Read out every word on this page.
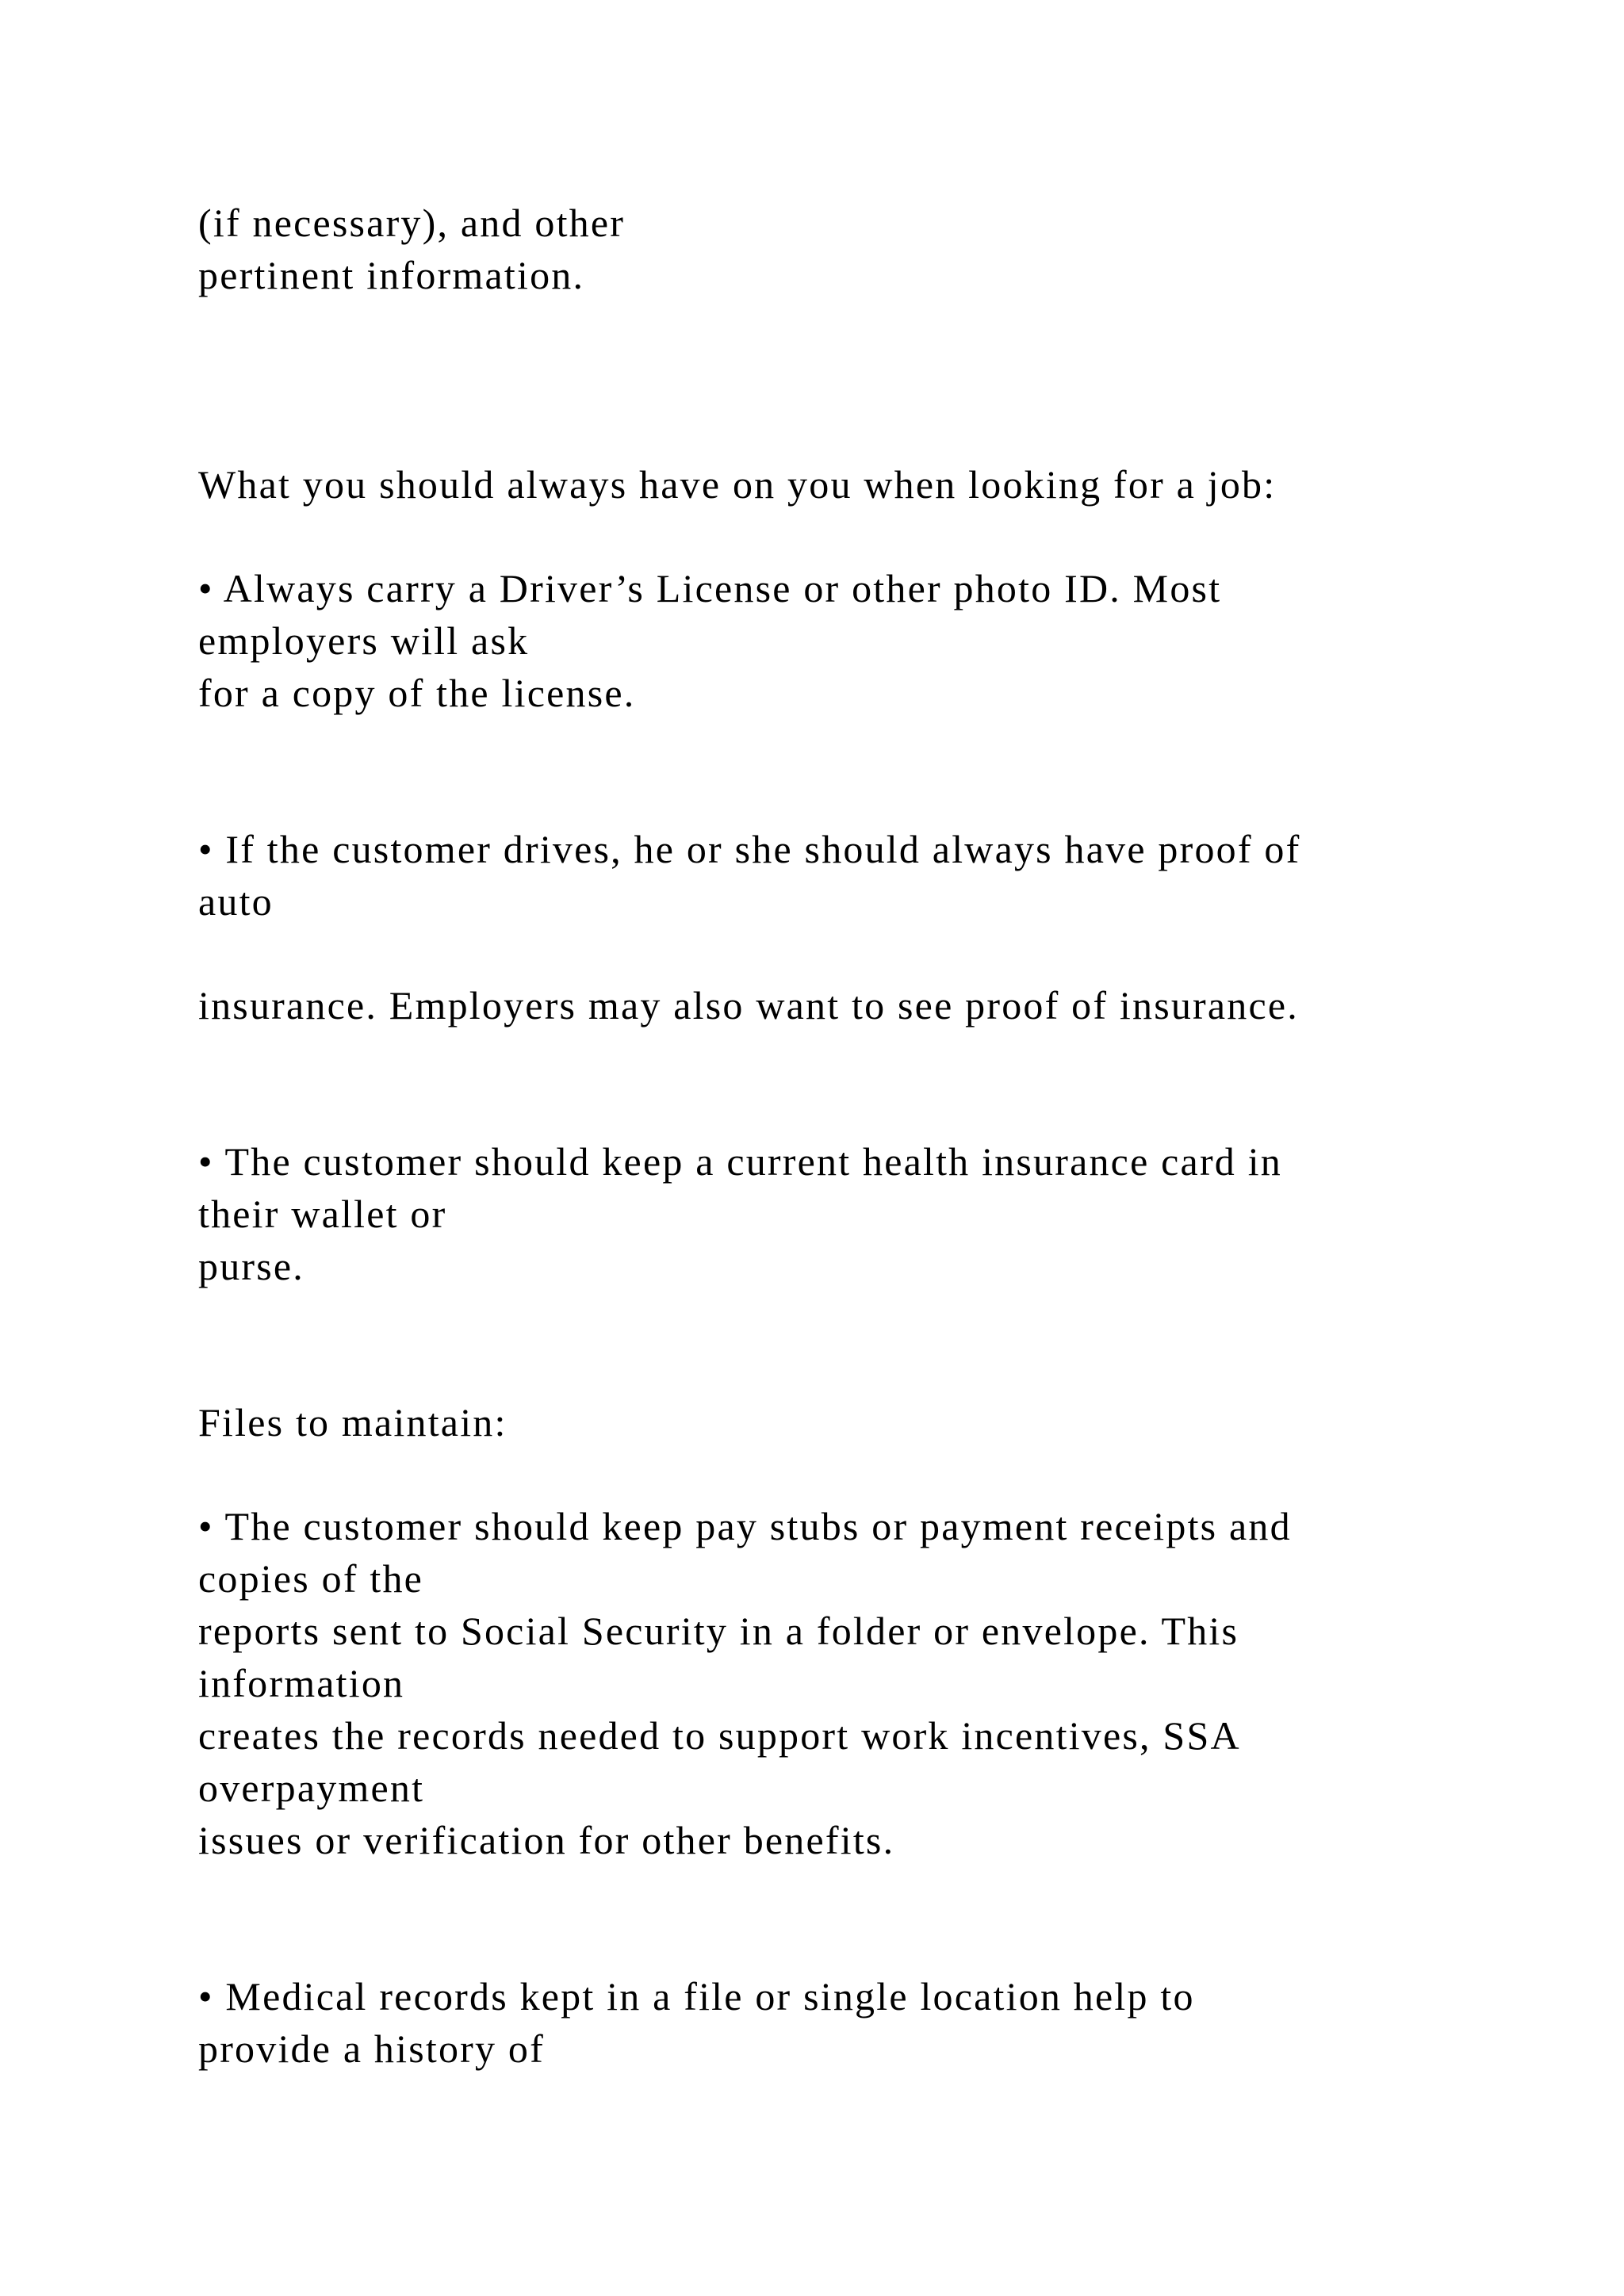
(if necessary), and other

pertinent information.

What you should always have on you when looking for a job:

• Always carry a Driver’s License or other photo ID. Most

employers will ask

for a copy of the license.

• If the customer drives, he or she should always have proof of

auto

insurance. Employers may also want to see proof of insurance.

• The customer should keep a current health insurance card in

their wallet or

purse.

Files to maintain:

• The customer should keep pay stubs or payment receipts and

copies of the

reports sent to Social Security in a folder or envelope. This

information

creates the records needed to support work incentives, SSA

overpayment

issues or verification for other benefits.

• Medical records kept in a file or single location help to

provide a history of
